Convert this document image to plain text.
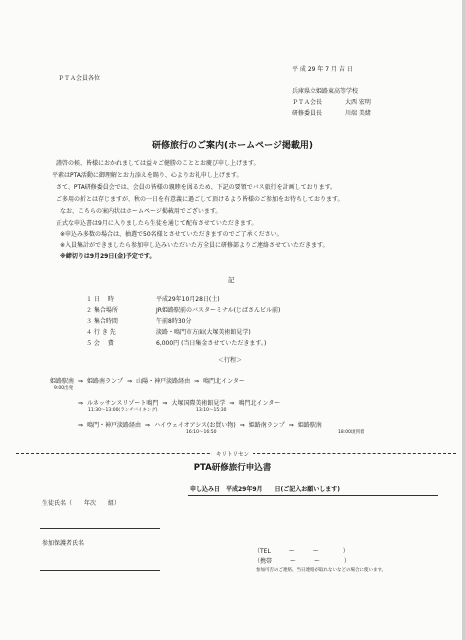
平 成 29 年 7 月 吉 日
ＰＴＡ会員各位
兵庫県立姫路東高等学校
ＰＴＡ会長	大西 宏明
研修委員長	川端 美緒
研修旅行のご案内(ホームページ掲載用)
謹啓の候、皆様におかれましては益々ご健勝のこととお慶び申し上げます。
平素はPTA活動に御理解とお力添えを賜り、心よりお礼申し上げます。
さて、PTA研修委員会では、会員の皆様の親睦を図るため、下記の要領でバス旅行を計画しております。
ご多用の折とは存じますが、秋の一日を有意義に過ごして頂けるよう皆様のご参加をお待ちしております。
なお、こちらの案内状はホームページ掲載用でございます。
正式な申込書は9月に入りましたら生徒を通じて配布させていただきます。
※申込み多数の場合は、抽選で50名様とさせていただきますのでご了承ください。
※入員集計ができましたら参加申し込みいただいた方全員に研修部よりご連絡させていただきます。
※締切りは9月29日(金)予定です。
記
１ 日　 時	平成29年10月28日(土)
２ 集合場所	JR姫路駅前のバスターミナル(じばさんビル前)
３ 集合時間	午前8時30分
４ 行 き 先	淡路・鳴門市方面(大塚美術館見学)
５ 会　 費	6,000円 (当日集金させていただきます。)
＜行程＞
姫路駅南 ⇒ 姫路南ランプ ⇒ 山陽・神戸淡路経由 ⇒ 鳴門北インター
9:00出発
⇒ ルネッサンスリゾート鳴門 ⇒ 大塚国際美術館見学 ⇒ 鳴門北インター
11:30～13:00(ランチバイキング)	13:10～15:30
⇒ 鳴門・神戸淡路経由 ⇒ ハイウェイオアシス(お買い物) ⇒ 姫路南ランプ ⇒ 姫路駅南
16:10～16:50	18:00頃到着
キリトリセン
PTA研修旅行申込書
申し込み日　平成29年9月　　日(ご記入お願いします)
生徒氏名（　　年次　　組）
参加保護者氏名
（TEL　　　ー　　　ー　　　　）
（携帯　　　ー　　　ー　　　　）
参加可否のご連絡、当日連絡が取れないなどの場合に使います。
